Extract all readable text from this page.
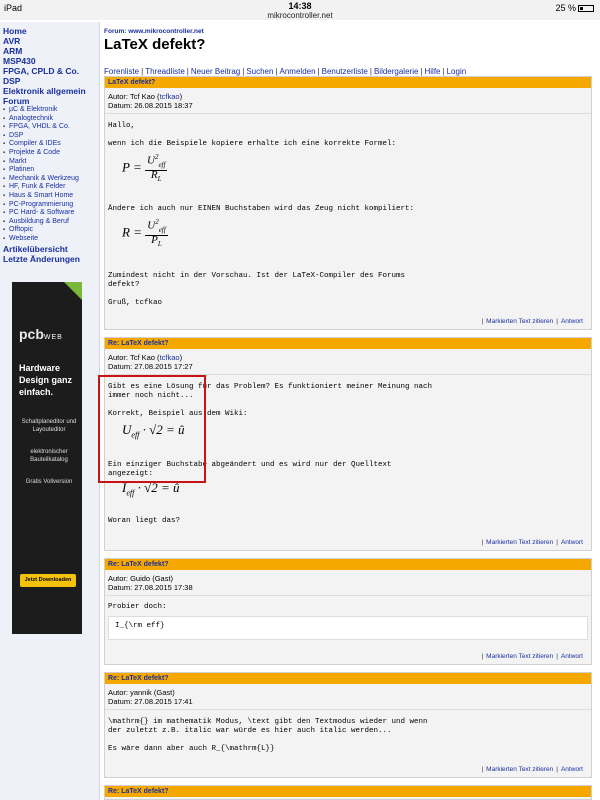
iPad	14:38
mikrocontroller.net
25 %
Home
AVR
ARM
MSP430
FPGA, CPLD & Co.
DSP
Elektronik allgemein
Forum
▪ µC & Elektronik
▪ Analogtechnik
▪ FPGA, VHDL & Co.
▪ DSP
▪ Compiler & IDEs
▪ Projekte & Code
▪ Markt
▪ Platinen
▪ Mechanik & Werkzeug
▪ HF, Funk & Felder
▪ Haus & Smart Home
▪ PC-Programmierung
▪ PC Hard- & Software
▪ Ausbildung & Beruf
▪ Offtopic
▪ Webseite
Artikelübersicht
Letzte Änderungen
pcbWEB
Hardware Design ganz einfach.
Schaltplaneditor und Layouteditor
elektronischer Bauteilkatalog
Gratis Vollversion
Jetzt Downloaden
Forum: www.mikrocontroller.net
LaTeX defekt?
Forenliste | Threadliste | Neuer Beitrag | Suchen | Anmelden | Benutzerliste | Bildergalerie | Hilfe | Login
LaTeX defekt?
Autor: Tcf Kao (tcfkao)
Datum: 26.08.2015 18:37

Hallo,

wenn ich die Beispiele kopiere erhalte ich eine korrekte Formel:

$P = \frac{U^2_{eff}}{R_L}$

Ändere ich auch nur EINEN Buchstaben wird das Zeug nicht kompiliert:

$R = \frac{U^2_{eff}}{P_L}$

Zumindest nicht in der Vorschau. Ist der LaTeX-Compiler des Forums

defekt?

Gruß, tcfkao

| Markierten Text zitieren | Antwort
Re: LaTeX defekt?
Autor: Tcf Kao (tcfkao)
Datum: 27.08.2015 17:27

Gibt es eine Lösung für das Problem? Es funktioniert meiner Meinung nach

immer noch nicht...

Korrekt, Beispiel aus dem Wiki:

$U_{eff} \cdot √2$ = û

Ein einziger Buchstabe abgeändert und es wird nur der Quelltext

angezeigt:

$I_{eff} \cdot √2$ = û

Woran liegt das?

| Markierten Text zitieren | Antwort
Re: LaTeX defekt?
Autor: Guido (Gast)
Datum: 27.08.2015 17:38

Probier doch:

I_{\rm eff}
| Markierten Text zitieren | Antwort
Re: LaTeX defekt?
Autor: yannik (Gast)
Datum: 27.08.2015 17:41

\mathrm{} im mathematik Modus, \text gibt den Textmodus wieder und wenn

der zuletzt z.B. italic war würde es hier auch italic werden...

Es wäre dann aber auch R_{\mathrm{L}}

| Markierten Text zitieren | Antwort
Re: LaTeX defekt?
